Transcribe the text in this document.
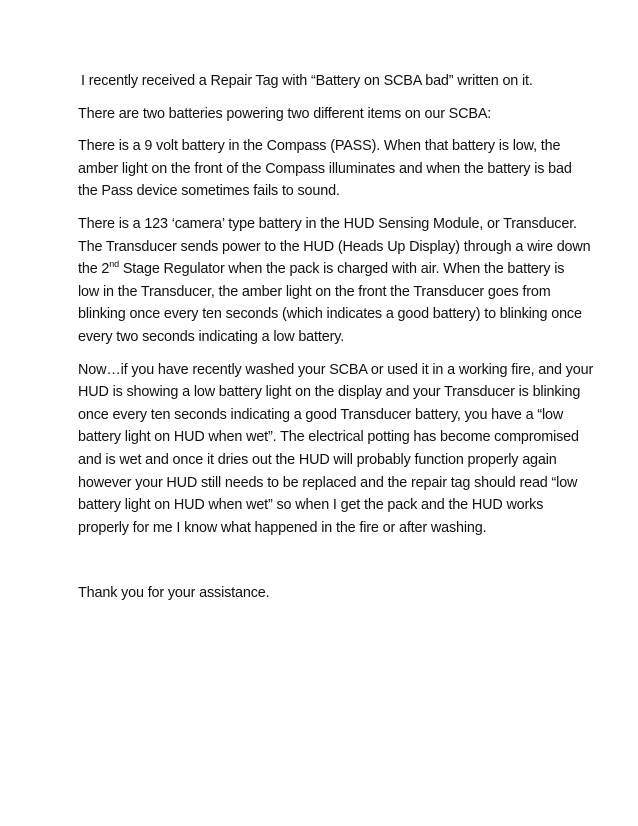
I recently received a Repair Tag with “Battery on SCBA bad” written on it.

There are two batteries powering two different items on our SCBA:

There is a 9 volt battery in the Compass (PASS). When that battery is low, the
amber light on the front of the Compass illuminates and when the battery is bad
the Pass device sometimes fails to sound.

There is a 123 ‘camera’ type battery in the HUD Sensing Module, or Transducer.
The Transducer sends power to the HUD (Heads Up Display) through a wire down
the 2nd Stage Regulator when the pack is charged with air. When the battery is
low in the Transducer, the amber light on the front the Transducer goes from
blinking once every ten seconds (which indicates a good battery) to blinking once
every two seconds indicating a low battery.

Now…if you have recently washed your SCBA or used it in a working fire, and your
HUD is showing a low battery light on the display and your Transducer is blinking
once every ten seconds indicating a good Transducer battery, you have a “low
battery light on HUD when wet”. The electrical potting has become compromised
and is wet and once it dries out the HUD will probably function properly again
however your HUD still needs to be replaced and the repair tag should read “low
battery light on HUD when wet” so when I get the pack and the HUD works
properly for me I know what happened in the fire or after washing.

Thank you for your assistance.
